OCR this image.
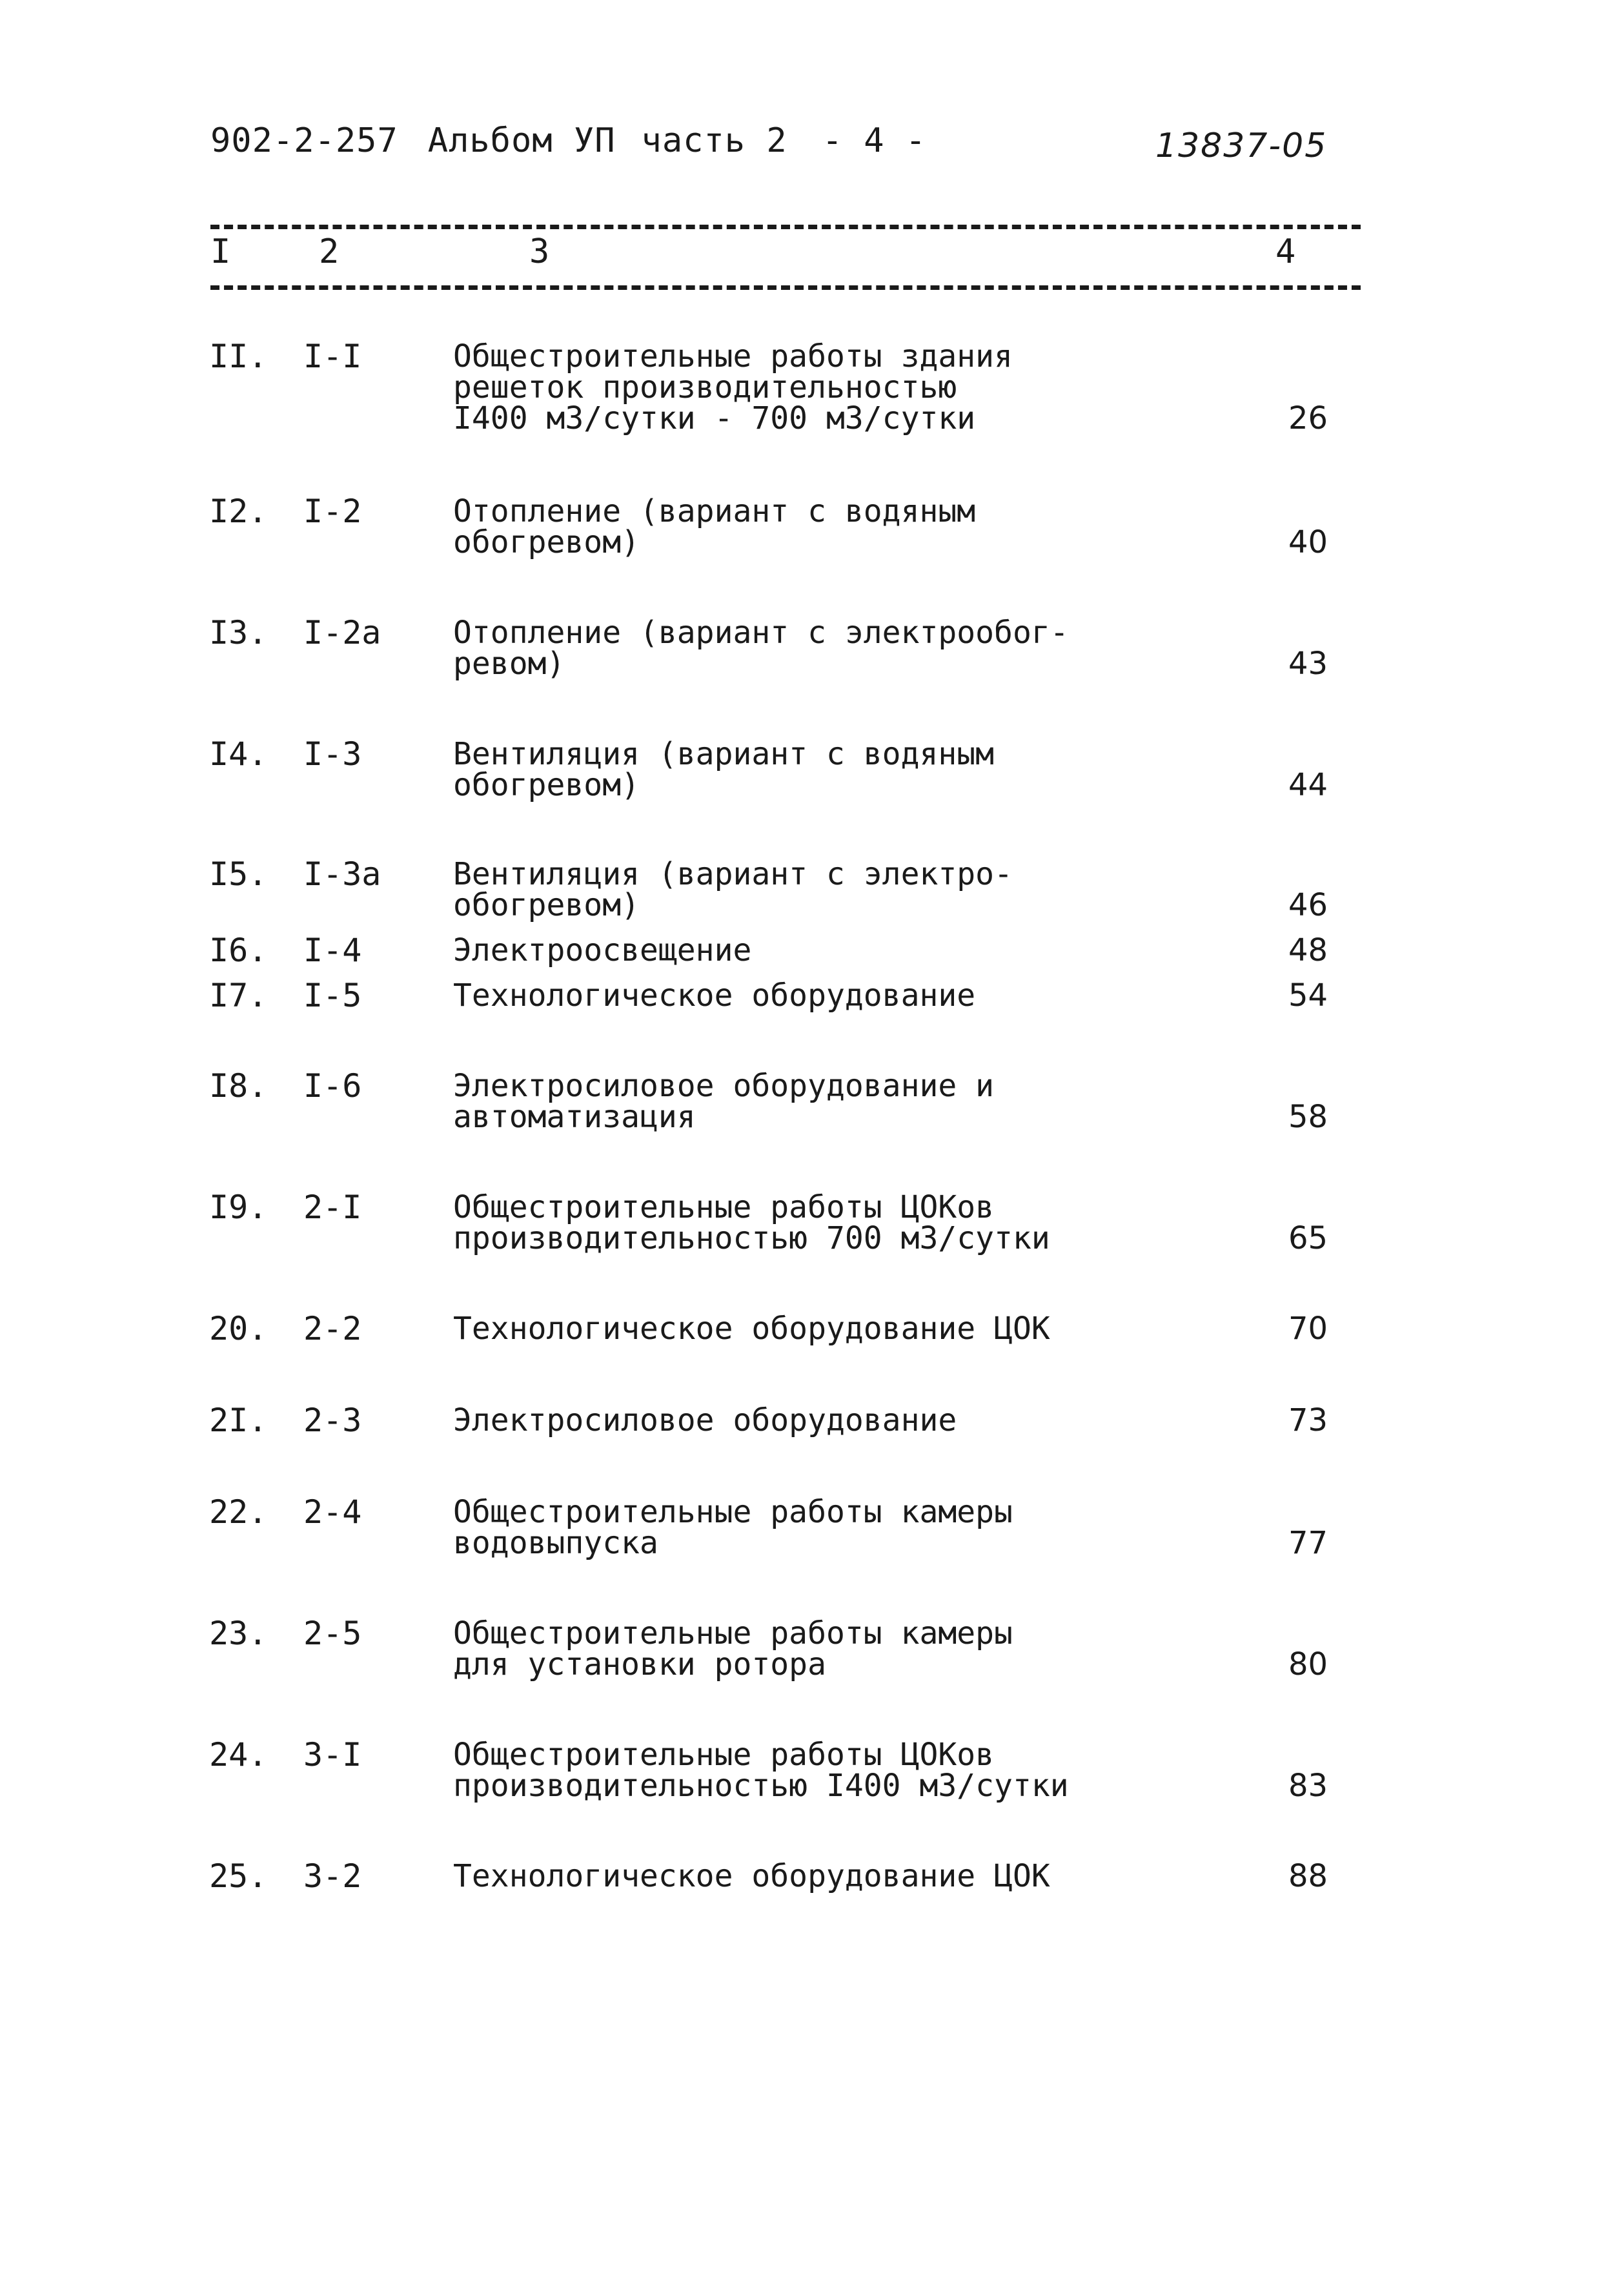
902-2-257 Альбом УП часть 2 - 4 -	13837-05
I	2	3	4
II. I-I	Общестроительные работы здания
решеток производительностью
I400 м3/сутки - 700 м3/сутки	26
I2. I-2	Отопление (вариант с водяным
обогревом)	40
I3. I-2а Отопление (вариант с электрообог-
ревом)	43
I4. I-3	Вентиляция (вариант с водяным
обогревом)	44
I5. I-3а Вентиляция (вариант с электро-
обогревом)	46
I6. I-4	Электроосвещение	48
I7. I-5	Технологическое оборудование	54
I8. I-6	Электросиловое оборудование и
автоматизация	58
I9. 2-I	Общестроительные работы ЦОКов
производительностью 700 м3/сутки	65
20. 2-2	Технологическое оборудование ЦОК	70
2I. 2-3	Электросиловое оборудование	73
22. 2-4	Общестроительные работы камеры
водовыпуска	77
23. 2-5	Общестроительные работы камеры
для установки ротора	80
24. 3-I	Общестроительные работы ЦОКов
производительностью I400 м3/сутки	83
25. 3-2	Технологическое оборудование ЦОК	88
